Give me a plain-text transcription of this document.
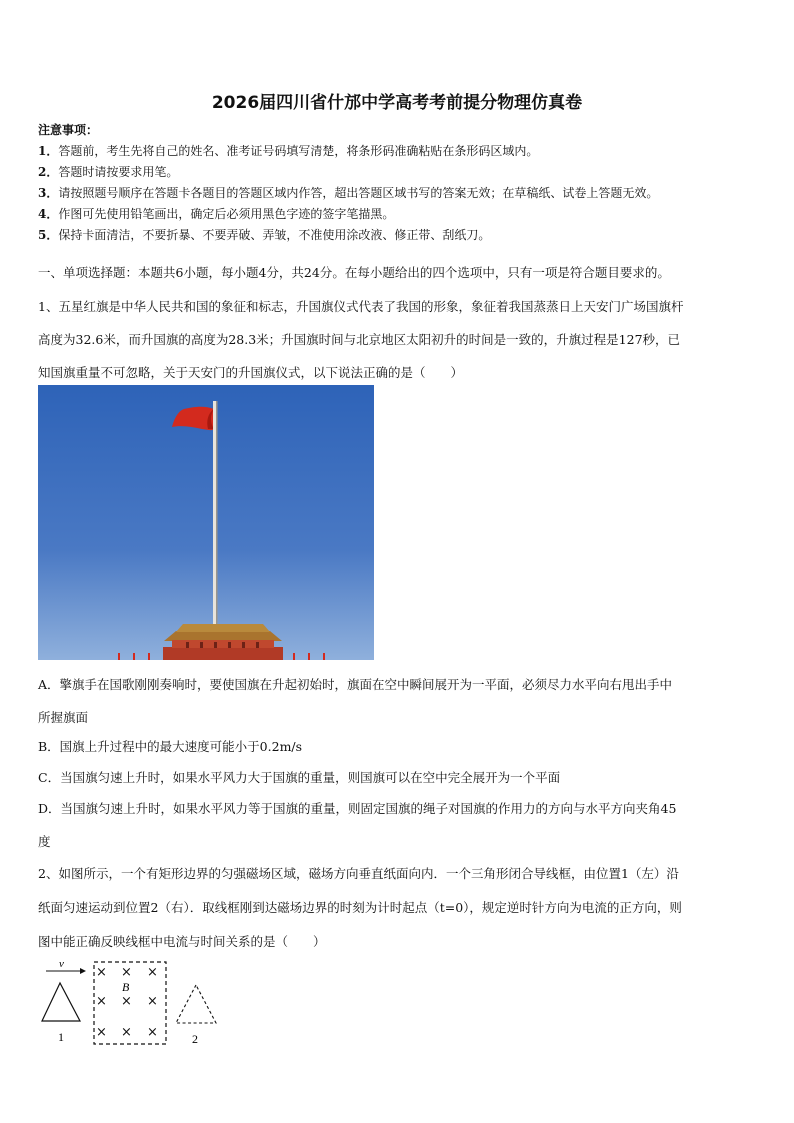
2026届四川省什邡中学高考考前提分物理仿真卷
注意事项：
1．答题前，考生先将自己的姓名、准考证号码填写清楚，将条形码准确粘贴在条形码区域内。
2．答题时请按要求用笔。
3．请按照题号顺序在答题卡各题目的答题区域内作答，超出答题区域书写的答案无效；在草稿纸、试卷上答题无效。
4．作图可先使用铅笔画出，确定后必须用黑色字迹的签字笔描黑。
5．保持卡面清洁，不要折暴、不要弄破、弄皱，不准使用涂改液、修正带、刮纸刀。
一、单项选择题：本题共6小题，每小题4分，共24分。在每小题给出的四个选项中，只有一项是符合题目要求的。
1、五星红旗是中华人民共和国的象征和标志，升国旗仪式代表了我国的形象，象征着我国蒸蒸日上天安门广场国旗杆
高度为32.6米，而升国旗的高度为28.3米；升国旗时间与北京地区太阳初升的时间是一致的，升旗过程是127秒，已
知国旗重量不可忽略，关于天安门的升国旗仪式，以下说法正确的是（　　）
A．擎旗手在国歌刚刚奏响时，要使国旗在升起初始时，旗面在空中瞬间展开为一平面，必须尽力水平向右甩出手中
所握旗面
B．国旗上升过程中的最大速度可能小于0.2m/s
C．当国旗匀速上升时，如果水平风力大于国旗的重量，则国旗可以在空中完全展开为一个平面
D．当国旗匀速上升时，如果水平风力等于国旗的重量，则固定国旗的绳子对国旗的作用力的方向与水平方向夹角45
度
2、如图所示，一个有矩形边界的匀强磁场区域，磁场方向垂直纸面向内．一个三角形闭合导线框，由位置1（左）沿
纸面匀速运动到位置2（右）．取线框刚到达磁场边界的时刻为计时起点（t=0），规定逆时针方向为电流的正方向，则
图中能正确反映线框中电流与时间关系的是（　　）
v
1
× × ×
× × ×
× × ×
B
2
